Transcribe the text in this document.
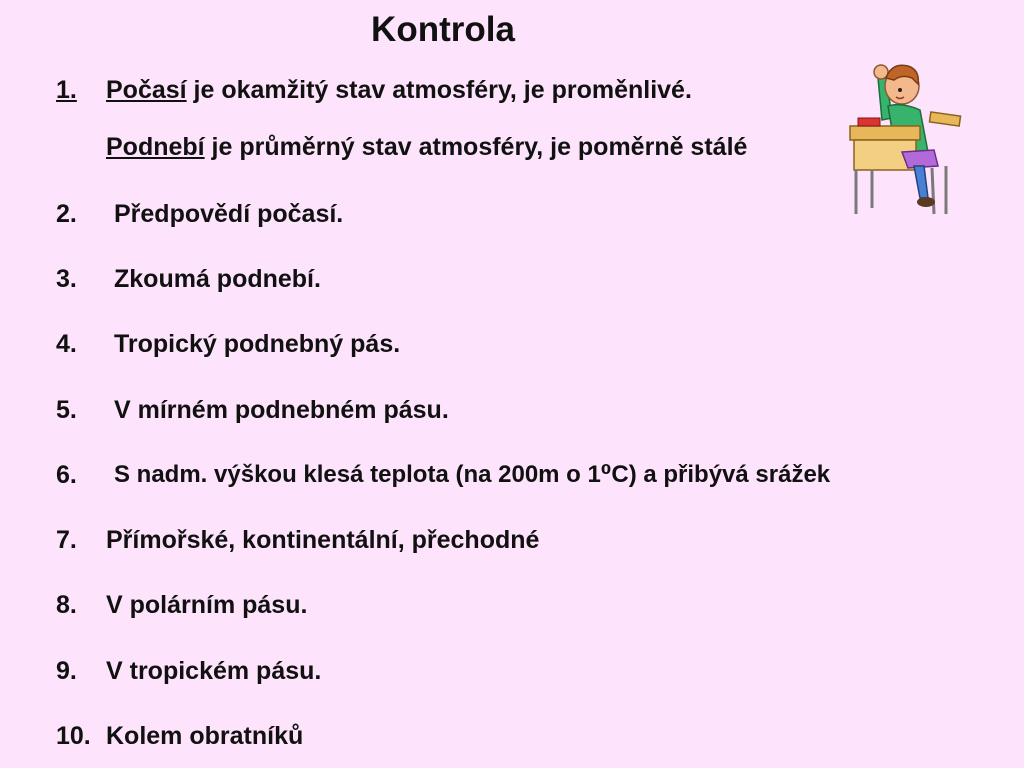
Kontrola
1. Počasí je okamžitý stav atmosféry, je proměnlivé.
Podnebí je průměrný stav atmosféry, je poměrně stálé
2. Předpovědí počasí.
3. Zkoumá podnebí.
4. Tropický podnebný pás.
5. V mírném podnebném pásu.
6. S nadm. výškou klesá teplota (na 200m o 1⁰C) a přibývá srážek
7. Přímořské, kontinentální, přechodné
8. V polárním pásu.
9. V tropickém pásu.
10. Kolem obratníků
